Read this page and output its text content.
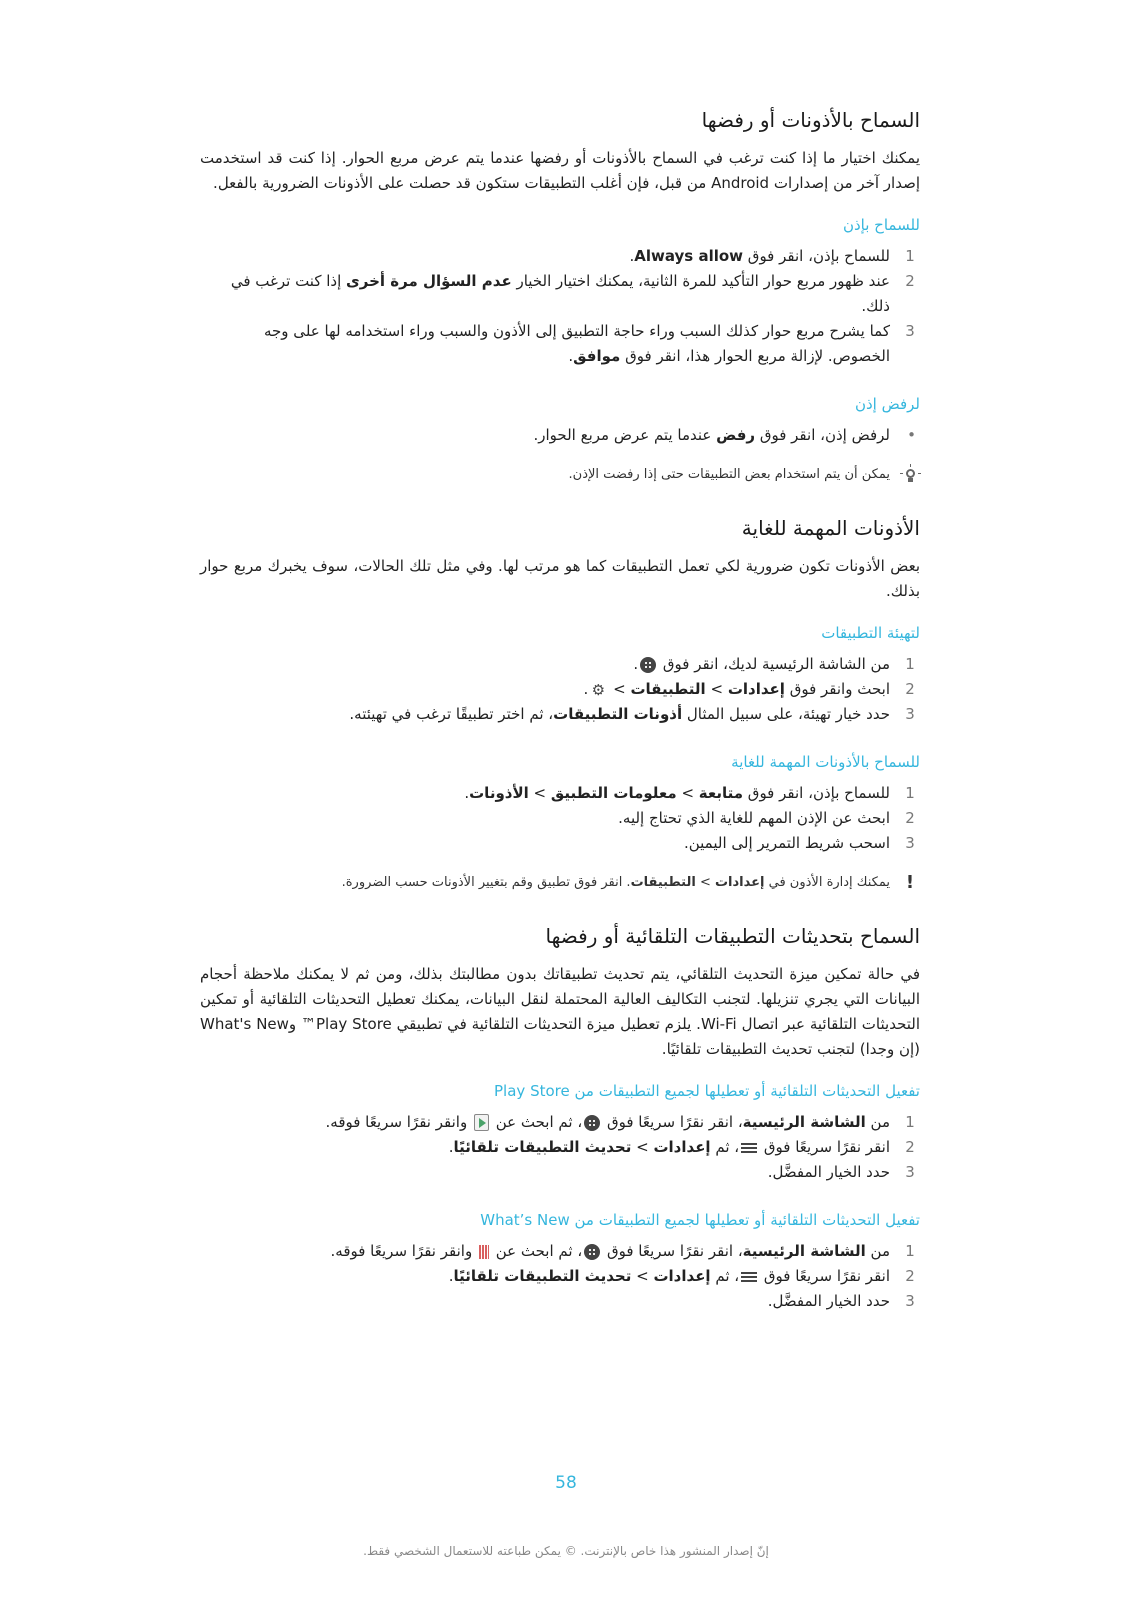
السماح بالأذونات أو رفضها

يمكنك اختيار ما إذا كنت ترغب في السماح بالأذونات أو رفضها عندما يتم عرض مربع الحوار. إذا كنت قد استخدمت إصدار آخر من إصدارات Android من قبل، فإن أغلب التطبيقات ستكون قد حصلت على الأذونات الضرورية بالفعل.

للسماح بإذن
1
للسماح بإذن، انقر فوق Always allow.
2
عند ظهور مربع حوار التأكيد للمرة الثانية، يمكنك اختيار الخيار عدم السؤال مرة أخرى إذا كنت ترغب في ذلك.
3
كما يشرح مربع حوار كذلك السبب وراء حاجة التطبيق إلى الأذون والسبب وراء استخدامه لها على وجه الخصوص. لإزالة مربع الحوار هذا، انقر فوق موافق.
لرفض إذن
•
لرفض إذن، انقر فوق رفض عندما يتم عرض مربع الحوار.
يمكن أن يتم استخدام بعض التطبيقات حتى إذا رفضت الإذن.
الأذونات المهمة للغاية

بعض الأذونات تكون ضرورية لكي تعمل التطبيقات كما هو مرتب لها. وفي مثل تلك الحالات، سوف يخبرك مربع حوار بذلك.

لتهيئة التطبيقات
1
من الشاشة الرئيسية لديك، انقر فوق .
2
ابحث وانقر فوق إعدادات > التطبيقات > ⚙.
3
حدد خيار تهيئة، على سبيل المثال أذونات التطبيقات، ثم اختر تطبيقًا ترغب في تهيئته.
للسماح بالأذونات المهمة للغاية
1
للسماح بإذن، انقر فوق متابعة > معلومات التطبيق > الأذونات.
2
ابحث عن الإذن المهم للغاية الذي تحتاج إليه.
3
اسحب شريط التمرير إلى اليمين.
!
يمكنك إدارة الأذون في إعدادات > التطبيقات. انقر فوق تطبيق وقم بتغيير الأذونات حسب الضرورة.
السماح بتحديثات التطبيقات التلقائية أو رفضها

في حالة تمكين ميزة التحديث التلقائي، يتم تحديث تطبيقاتك بدون مطالبتك بذلك، ومن ثم لا يمكنك ملاحظة أحجام البيانات التي يجري تنزيلها. لتجنب التكاليف العالية المحتملة لنقل البيانات، يمكنك تعطيل التحديثات التلقائية أو تمكين التحديثات التلقائية عبر اتصال Wi-Fi. يلزم تعطيل ميزة التحديثات التلقائية في تطبيقي Play Store™ وWhat's New (إن وجدا) لتجنب تحديث التطبيقات تلقائيًا.

تفعيل التحديثات التلقائية أو تعطيلها لجميع التطبيقات من Play Store
1
من الشاشة الرئيسية، انقر نقرًا سريعًا فوق ، ثم ابحث عن  وانقر نقرًا سريعًا فوقه.
2
انقر نقرًا سريعًا فوق ، ثم إعدادات > تحديث التطبيقات تلقائيًا.
3
حدد الخيار المفضَّل.
تفعيل التحديثات التلقائية أو تعطيلها لجميع التطبيقات من What’s New
1
من الشاشة الرئيسية، انقر نقرًا سريعًا فوق ، ثم ابحث عن  وانقر نقرًا سريعًا فوقه.
2
انقر نقرًا سريعًا فوق ، ثم إعدادات > تحديث التطبيقات تلقائيًا.
3
حدد الخيار المفضَّل.
58
إنّ إصدار المنشور هذا خاص بالإنترنت. © يمكن طباعته للاستعمال الشخصي فقط.
